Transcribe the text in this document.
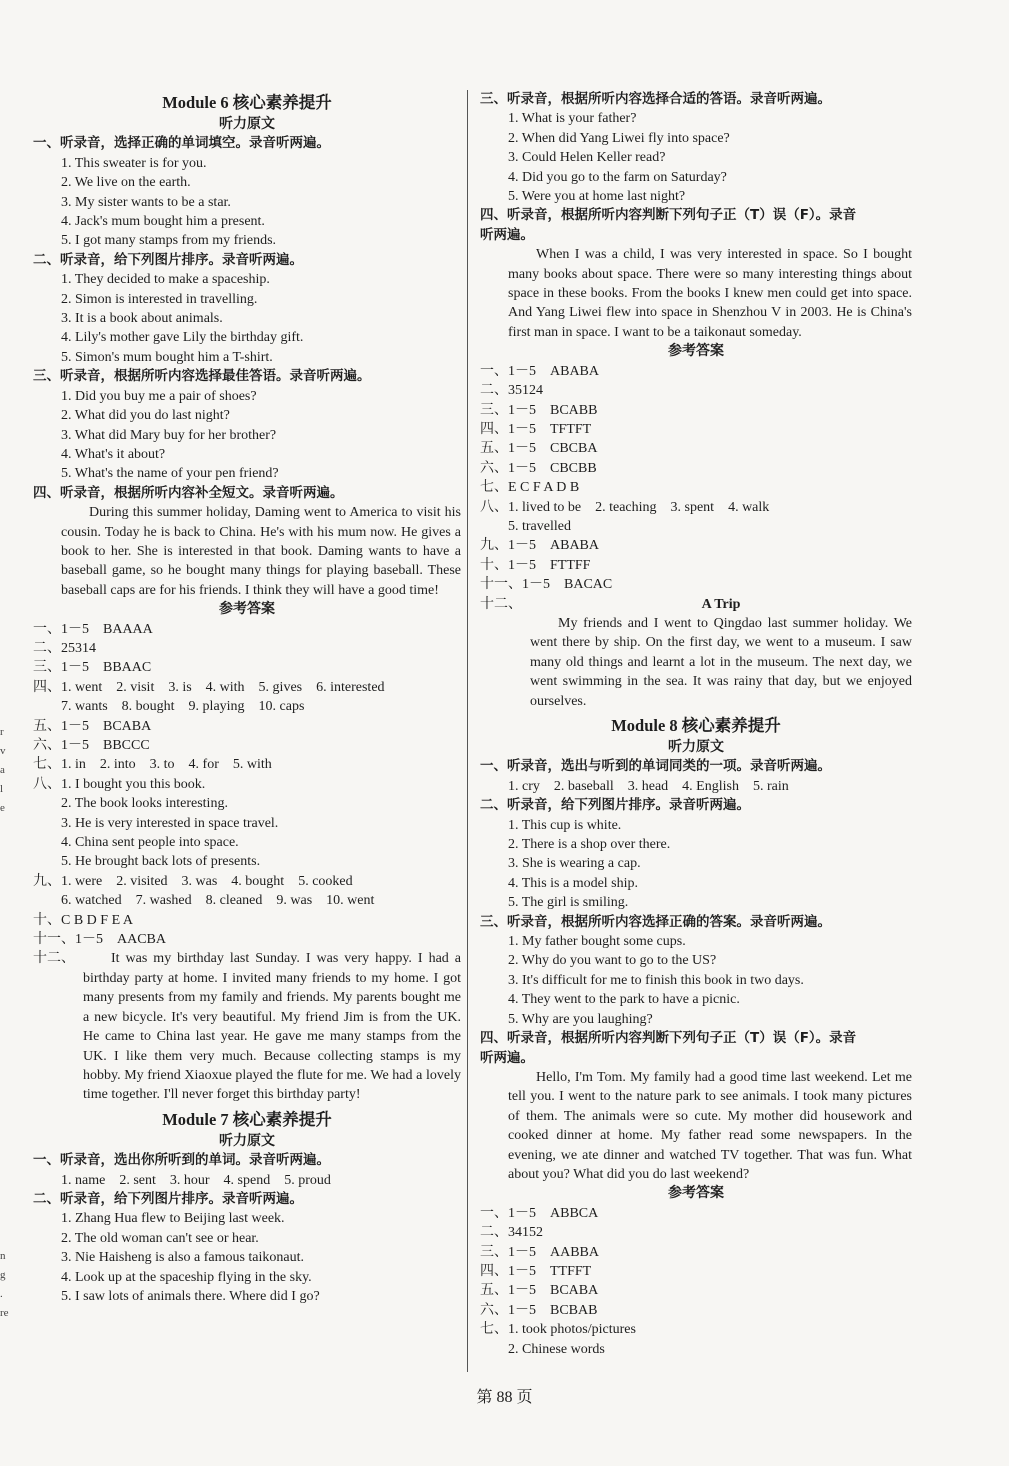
r
v
a
l
e
n
g
.
re
Module 6 核心素养提升
听力原文
一、听录音，选择正确的单词填空。录音听两遍。
1. This sweater is for you.
2. We live on the earth.
3. My sister wants to be a star.
4. Jack's mum bought him a present.
5. I got many stamps from my friends.
二、听录音，给下列图片排序。录音听两遍。
1. They decided to make a spaceship.
2. Simon is interested in travelling.
3. It is a book about animals.
4. Lily's mother gave Lily the birthday gift.
5. Simon's mum bought him a T-shirt.
三、听录音，根据所听内容选择最佳答语。录音听两遍。
1. Did you buy me a pair of shoes?
2. What did you do last night?
3. What did Mary buy for her brother?
4. What's it about?
5. What's the name of your pen friend?
四、听录音，根据所听内容补全短文。录音听两遍。
During this summer holiday, Daming went to America to visit his cousin. Today he is back to China. He's with his mum now. He gives a book to her. She is interested in that book. Daming wants to have a baseball game, so he bought many things for playing baseball. These baseball caps are for his friends. I think they will have a good time!
参考答案
一、1－5　BAAAA
二、25314
三、1－5　BBAAC
四、1. went　2. visit　3. is　4. with　5. gives　6. interested
7. wants　8. bought　9. playing　10. caps
五、1－5　BCABA
六、1－5　BBCCC
七、1. in　2. into　3. to　4. for　5. with
八、1. I bought you this book.
2. The book looks interesting.
3. He is very interested in space travel.
4. China sent people into space.
5. He brought back lots of presents.
九、1. were　2. visited　3. was　4. bought　5. cooked
6. watched　7. washed　8. cleaned　9. was　10. went
十、C B D F E A
十一、1－5　AACBA
十二、	It was my birthday last Sunday. I was very happy. I had a birthday party at home. I invited many friends to my home. I got many presents from my family and friends. My parents bought me a new bicycle. It's very beautiful. My friend Jim is from the UK. He came to China last year. He gave me many stamps from the UK. I like them very much. Because collecting stamps is my hobby. My friend Xiaoxue played the flute for me. We had a lovely time together. I'll never forget this birthday party!
Module 7 核心素养提升
听力原文
一、听录音，选出你所听到的单词。录音听两遍。
1. name　2. sent　3. hour　4. spend　5. proud
二、听录音，给下列图片排序。录音听两遍。
1. Zhang Hua flew to Beijing last week.
2. The old woman can't see or hear.
3. Nie Haisheng is also a famous taikonaut.
4. Look up at the spaceship flying in the sky.
5. I saw lots of animals there. Where did I go?
三、听录音，根据所听内容选择合适的答语。录音听两遍。
1. What is your father?
2. When did Yang Liwei fly into space?
3. Could Helen Keller read?
4. Did you go to the farm on Saturday?
5. Were you at home last night?
四、听录音，根据所听内容判断下列句子正（T）误（F）。录音
听两遍。
When I was a child, I was very interested in space. So I bought many books about space. There were so many interesting things about space in these books. From the books I knew men could get into space. And Yang Liwei flew into space in Shenzhou V in 2003. He is China's first man in space. I want to be a taikonaut someday.
参考答案
一、1－5　ABABA
二、35124
三、1－5　BCABB
四、1－5　TFTFT
五、1－5　CBCBA
六、1－5　CBCBB
七、E C F A D B
八、1. lived to be　2. teaching　3. spent　4. walk
5. travelled
九、1－5　ABABA
十、1－5　FTTFF
十一、1－5　BACAC
十二、	A Trip
My friends and I went to Qingdao last summer holiday. We went there by ship. On the first day, we went to a museum. I saw many old things and learnt a lot in the museum. The next day, we went swimming in the sea. It was rainy that day, but we enjoyed ourselves.
Module 8 核心素养提升
听力原文
一、听录音，选出与听到的单词同类的一项。录音听两遍。
1. cry　2. baseball　3. head　4. English　5. rain
二、听录音，给下列图片排序。录音听两遍。
1. This cup is white.
2. There is a shop over there.
3. She is wearing a cap.
4. This is a model ship.
5. The girl is smiling.
三、听录音，根据所听内容选择正确的答案。录音听两遍。
1. My father bought some cups.
2. Why do you want to go to the US?
3. It's difficult for me to finish this book in two days.
4. They went to the park to have a picnic.
5. Why are you laughing?
四、听录音，根据所听内容判断下列句子正（T）误（F）。录音
听两遍。
Hello, I'm Tom. My family had a good time last weekend. Let me tell you. I went to the nature park to see animals. I took many pictures of them. The animals were so cute. My mother did housework and cooked dinner at home. My father read some newspapers. In the evening, we ate dinner and watched TV together. That was fun. What about you? What did you do last weekend?
参考答案
一、1－5　ABBCA
二、34152
三、1－5　AABBA
四、1－5　TTFFT
五、1－5　BCABA
六、1－5　BCBAB
七、1. took photos/pictures
2. Chinese words
第 88 页
